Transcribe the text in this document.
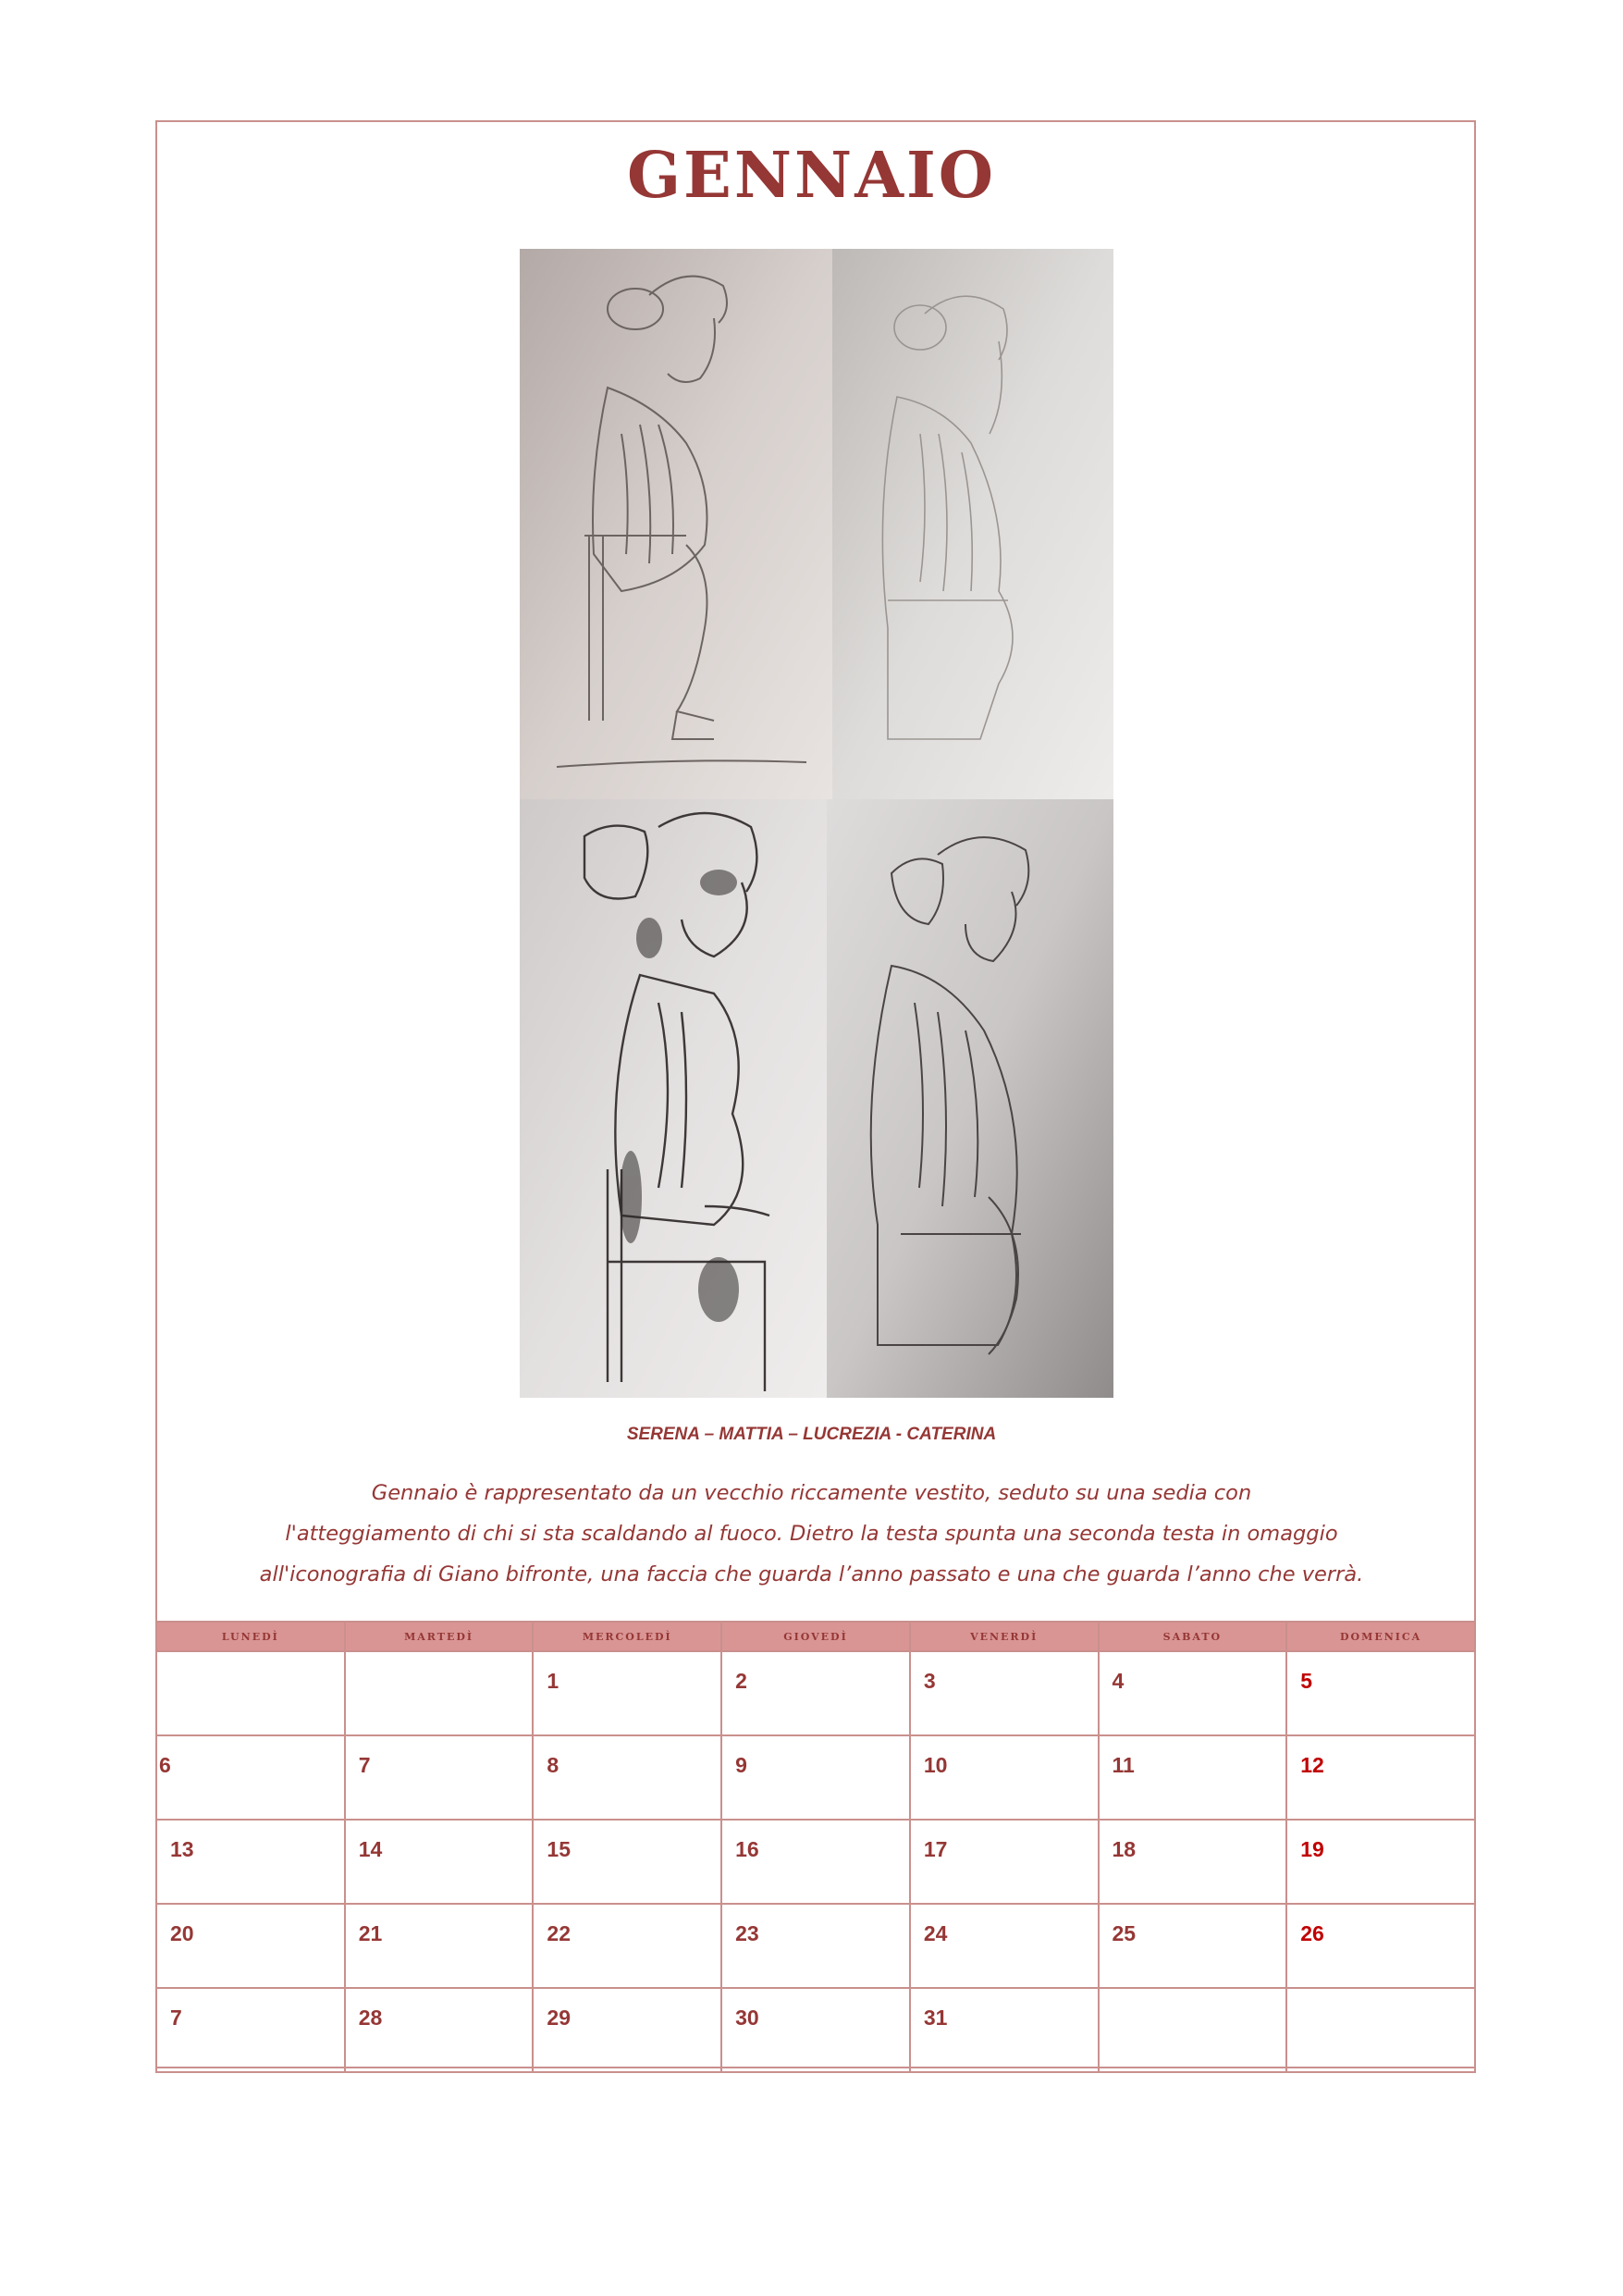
GENNAIO
SERENA – MATTIA – LUCREZIA - CATERINA
Gennaio è rappresentato da un vecchio riccamente vestito, seduto su una sedia con
l'atteggiamento di chi si sta scaldando al fuoco. Dietro la testa spunta una seconda testa in omaggio
all'iconografia di Giano bifronte, una faccia che guarda l’anno passato e una che guarda l’anno che verrà.
LUNEDÌ	MARTEDÌ	MERCOLEDÌ	GIOVEDÌ	VENERDÌ	SABATO	DOMENICA

		1	2	3	4	5

6	7	8	9	10	11	12

13	14	15	16	17	18	19

20	21	22	23	24	25	26

7	28	29	30	31		
